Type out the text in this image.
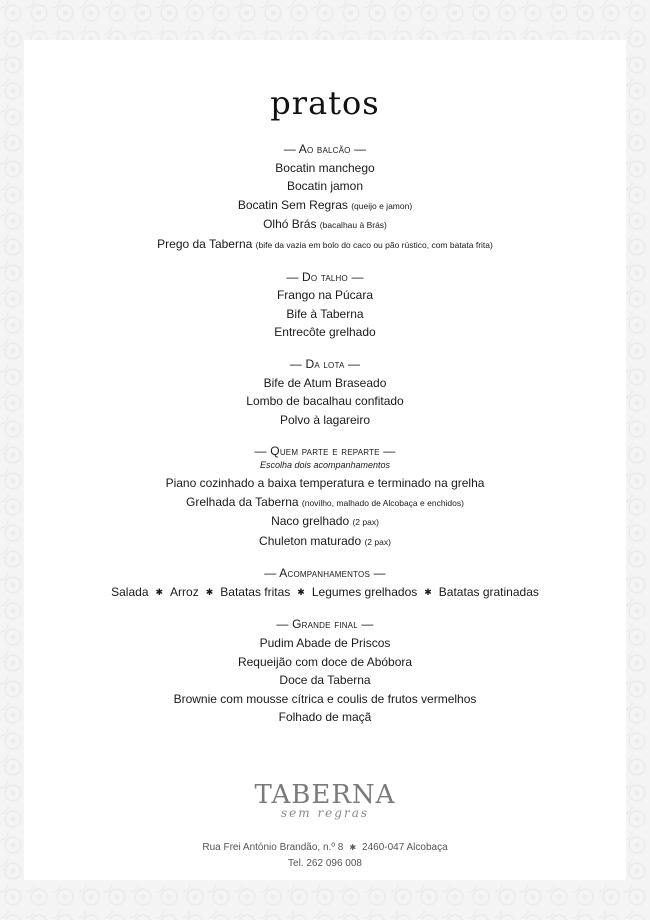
pratos
— Ao balcão —
Bocatin manchego
Bocatin jamon
Bocatin Sem Regras (queijo e jamon)
Olhó Brás (bacalhau à Brás)
Prego da Taberna (bife da vazia em bolo do caco ou pão rústico, com batata frita)
— Do talho —
Frango na Púcara
Bife à Taberna
Entrecôte grelhado
— Da lota —
Bife de Atum Braseado
Lombo de bacalhau confitado
Polvo à lagareiro
— Quem parte e reparte —
Escolha dois acompanhamentos
Piano cozinhado a baixa temperatura e terminado na grelha
Grelhada da Taberna (novilho, malhado de Alcobaça e enchidos)
Naco grelhado (2 pax)
Chuleton maturado (2 pax)
— Acompanhamentos —
Salada ✱ Arroz ✱ Batatas fritas ✱ Legumes grelhados ✱ Batatas gratinadas
— Grande final —
Pudim Abade de Priscos
Requeijão com doce de Abóbora
Doce da Taberna
Brownie com mousse cítrica e coulis de frutos vermelhos
Folhado de maçã
TABERNA
sem regras
Rua Frei António Brandão, n.º 8 ✱ 2460-047 Alcobaça
Tel. 262 096 008
